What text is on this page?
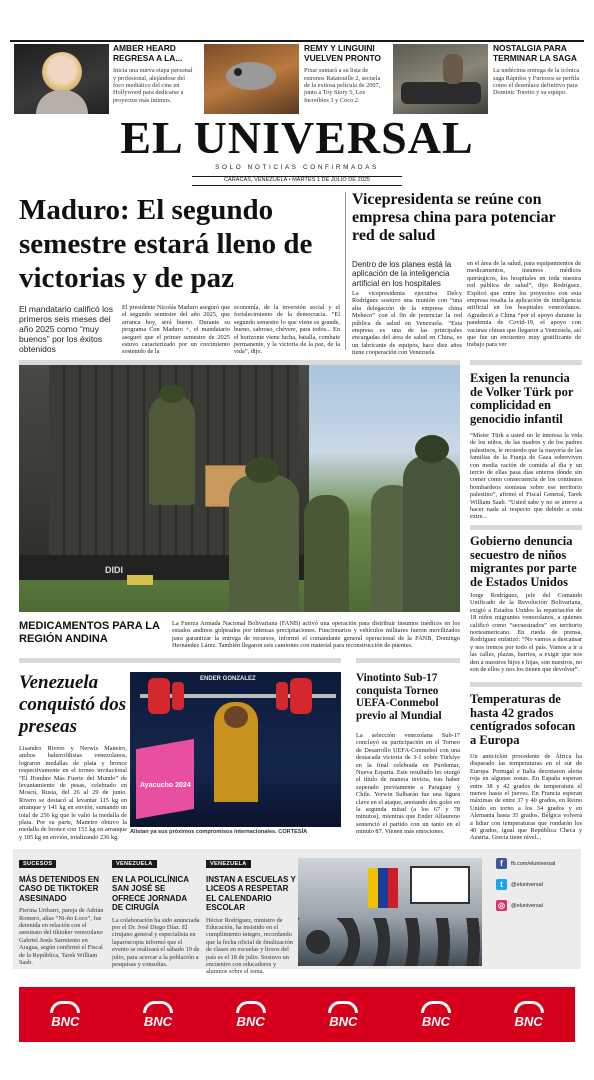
AMBER HEARD REGRESA A LA...
Inicia una nueva etapa personal y profesional, alejándose del foco mediático del cine en Hollywood para dedicarse a proyectos más íntimos.
REMY Y LINGUINI VUELVEN PRONTO
Pixar sumará a su lista de estrenos Ratatouille 2, secuela de la exitosa película de 2007, junto a Toy Story 5, Los Increíbles 3 y Coco 2.
NOSTALGIA PARA TERMINAR LA SAGA
La undécima entrega de la icónica saga Rápidos y Furiosos se perfila como el desenlace definitivo para Dominic Toretto y su equipo.
EL UNIVERSAL
SOLO NOTICIAS CONFIRMADAS
CARACAS, VENEZUELA • MARTES 1 DE JULIO DE 2025
Maduro: El segundo semestre estará lleno de victorias y de paz
El mandatario calificó los primeros seis meses del año 2025 como “muy buenos” por los éxitos obtenidos
El presidente Nicolás Maduro aseguró que el segundo semestre del año 2025, que arranca hoy, será bueno. Durante su programa Con Maduro +, el mandatario aseguró que el primer semestre de 2025 estuvo caracterizado por un crecimiento sostenido de la
economía, de la inversión social y el fortalecimiento de la democracia. “El segundo semestre lo que viene es grande, bueno, sabroso, chévere, para todos... En el horizonte viene lucha, batalla, combate permanente, y la victoria de la paz, de la vida”, dijo.
Vicepresidenta se reúne con empresa china para potenciar red de salud
Dentro de los planes está la aplicación de la inteligencia artificial en los hospitales
La vicepresidenta ejecutiva Delcy Rodríguez sostuvo una reunión con “una alta delegación de la empresa china Meheco” con el fin de potenciar la red pública de salud en Venezuela. “Esta empresa es una de las principales encargadas del área de salud en China, es un fabricante de equipos, hace diez años tiene cooperación con Venezuela
en el área de la salud, para equipamientos de medicamentos, insumos médicos quirúrgicos, los hospitales en toda nuestra red pública de salud”, dijo Rodríguez. Explicó que entre los proyectos con esta empresa resalta la aplicación de inteligencia artificial en los hospitales venezolanos. Agradeció a China “por el apoyo durante la pandemia de Covid-19, el apoyo con vacunas chinas que llegaron a Venezuela, así que fue un encuentro muy gratificante de trabajo para ver
DIDI
MEDICAMENTOS PARA LA REGIÓN ANDINA
La Fuerza Armada Nacional Bolivariana (FANB) activó una operación para distribuir insumos médicos en los estados andinos golpeados por intensas precipitaciones. Funcionarios y vehículos militares fueron movilizados para garantizar la entrega de recursos, informó el comandante general operacional de la FANB, Domingo Hernández Lárez. También llegaron seis camiones con material para reconstrucción de puentes.
Exigen la renuncia de Volker Türk por complicidad en genocidio infantil
“Míster Türk a usted no le interesa la vida de los niños, de las madres y de los padres palestinos, le recuerdo que la mayoría de las familias de la Franja de Gaza sobreviven con media ración de comida al día y un tercio de ellas pasa días enteros dónde sin comer como consecuencia de los continuos bombardeos sionistas sobre ese territorio palestino”, afirmó el Fiscal General, Tarek William Saab. “Usted sabe y no se atreve a hacer nada al respecto que debido a esta extre...
Gobierno denuncia secuestro de niños migrantes por parte de Estados Unidos
Jorge Rodríguez, jefe del Comando Unificado de la Revolución Bolivariana, exigió a Estados Unidos la repatriación de 18 niños migrantes venezolanos, a quienes calificó como “secuestrados” en territorio norteamericano. En rueda de prensa, Rodríguez enfatizó: “No vamos a descansar y nos iremos por todo el país. Vamos a ir a las calles, plazas, barrios, a exigir que nos den a nuestros hijos e hijas, son nuestros, no son de ellos y nos los tienen que devolver”.
Venezuela conquistó dos preseas
Lisandro Rivero y Nerwis Maneiro, ambos halterofilistas venezolanos, lograron medallas de plata y bronce respectivamente en el torneo invitacional “El Hombre Más Fuerte del Mundo” de levantamiento de pesas, celebrado en Moscú, Rusia, del 26 al 29 de junio. Rivero se destacó al levantar 115 kg en arranque y 141 kg en envión, sumando un total de 256 kg que le valió la medalla de plata. Por su parte, Maneiro obtuvo la medalla de bronce con 151 kg en arranque y 185 kg en envión, totalizando 236 kg.
ENDER GONZALEZ
Ayacucho 2024
Alistan ya sus próximos compromisos internacionales. CORTESÍA
Vinotinto Sub-17 conquista Torneo UEFA-Conmebol previo al Mundial
La selección venezolana Sub-17 concluyó su participación en el Torneo de Desarrollo UEFA-Conmebol con una destacada victoria de 3-1 sobre Türkiye en la final celebrada en Purdumar, Nueva Esparta. Este resultado les otorgó el título de manera invicta, tras haber superado previamente a Paraguay y Chile. Yerwin Sulbarán fue una figura clave en el ataque, anotando dos goles en la segunda mitad (a los 67 y 78 minutos), mientras que Ender Alfaureno sentenció el partido con un tanto en el minuto 87. Vienen más emociones.
Temperaturas de hasta 42 grados centígrados sofocan a Europa
Un anticiclón procedente de África ha disparado las temperaturas en el sur de Europa. Portugal e Italia decretaron alerta roja en algunas zonas. En España esperan entre 38 y 42 grados de temperatura el menos hasta el jueves. En Francia esperan máximas de entre 37 y 40 grados, en Reino Unido en torno a los 34 grados y en Alemania hasta 35 grados. Bélgica volverá a lidiar con temperaturas que rondarán los 40 grados, igual que República Checa y Austria. Grecia tiene nivel...
SUCESOS
MÁS DETENIDOS EN CASO DE TIKTOKER ASESINADO
Pierina Uribarri, pareja de Adrián Romero, alias “Ni-ño Loco”, fue detenida en relación con el asesinato del tiktoker venezolano Gabriel Jesús Sarmiento en Aragua, según confirmó el Fiscal de la República, Tarek William Saab.
VENEZUELA
EN LA POLICLÍNICA SAN JOSÉ SE OFRECE JORNADA DE CIRUGÍA
La colaboración ha sido anunciada por el Dr. José Diego Díaz. El cirujano general y especialista en laparoscopia informó que el evento se realizará el sábado 19 de julio, para acercar a la población a pesquisas y consultas.
VENEZUELA
INSTAN A ESCUELAS Y LICEOS A RESPETAR EL CALENDARIO ESCOLAR
Héctor Rodríguez, ministro de Educación, ha insistido en el cumplimiento íntegro, recordando que la fecha oficial de finalización de clases en escuelas y liceos del país es el 18 de julio. Sostuvo un encuentro con educadores y alumnos sobre el tema.
f	fb.com/eluniversal
t	@eluniversal
◎	@eluniversal
BNC	BNC	BNC	BNC	BNC	BNC
